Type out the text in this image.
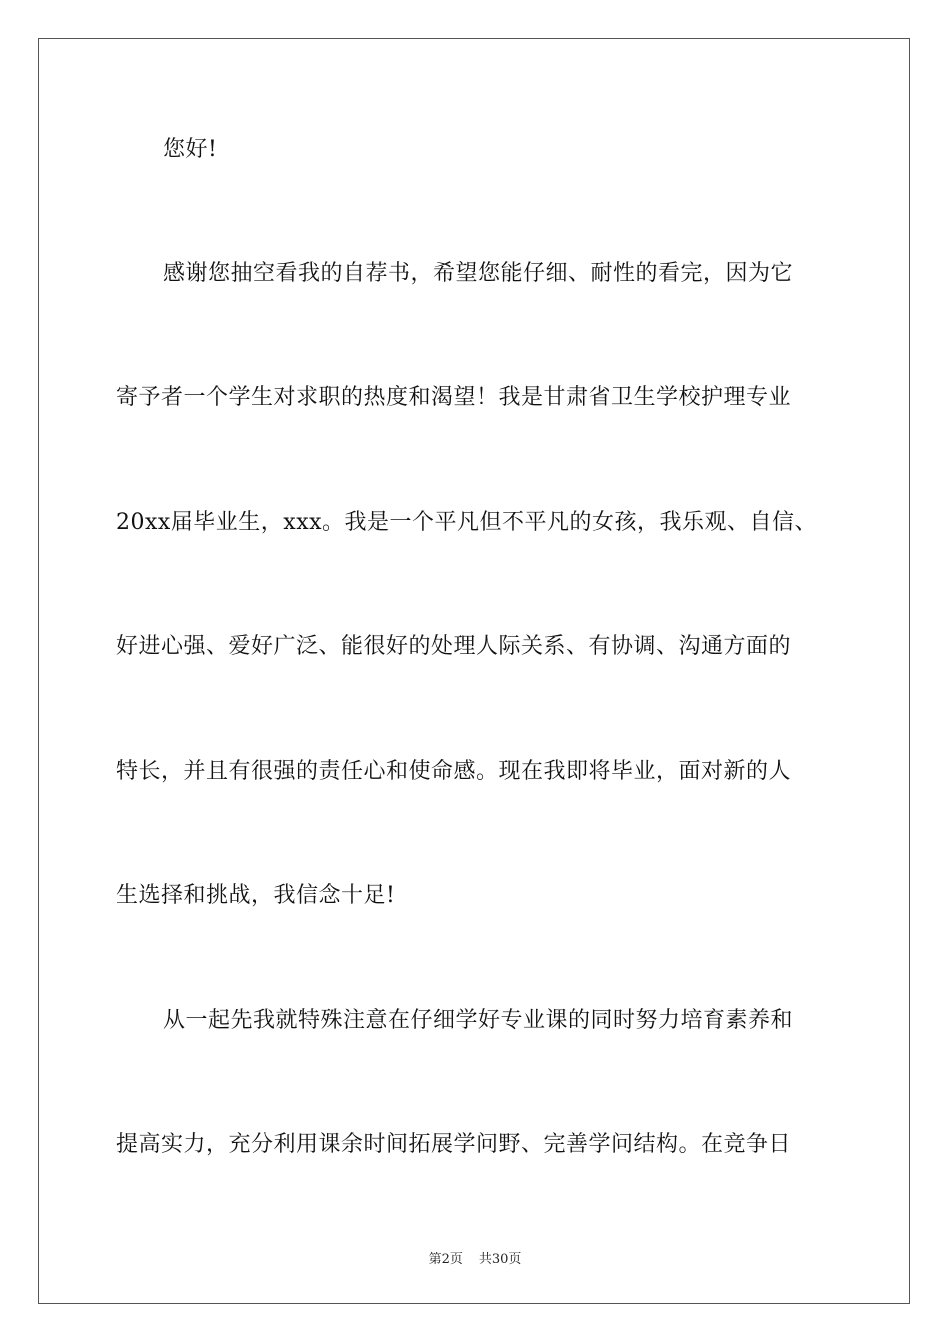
您好!
感谢您抽空看我的自荐书，希望您能仔细、耐性的看完，因为它
寄予者一个学生对求职的热度和渴望！我是甘肃省卫生学校护理专业
20xx届毕业生，xxx。我是一个平凡但不平凡的女孩，我乐观、自信、
好进心强、爱好广泛、能很好的处理人际关系、有协调、沟通方面的
特长，并且有很强的责任心和使命感。现在我即将毕业，面对新的人
生选择和挑战，我信念十足!
从一起先我就特殊注意在仔细学好专业课的同时努力培育素养和
提高实力，充分利用课余时间拓展学问野、完善学问结构。在竞争日
第2页 共30页
